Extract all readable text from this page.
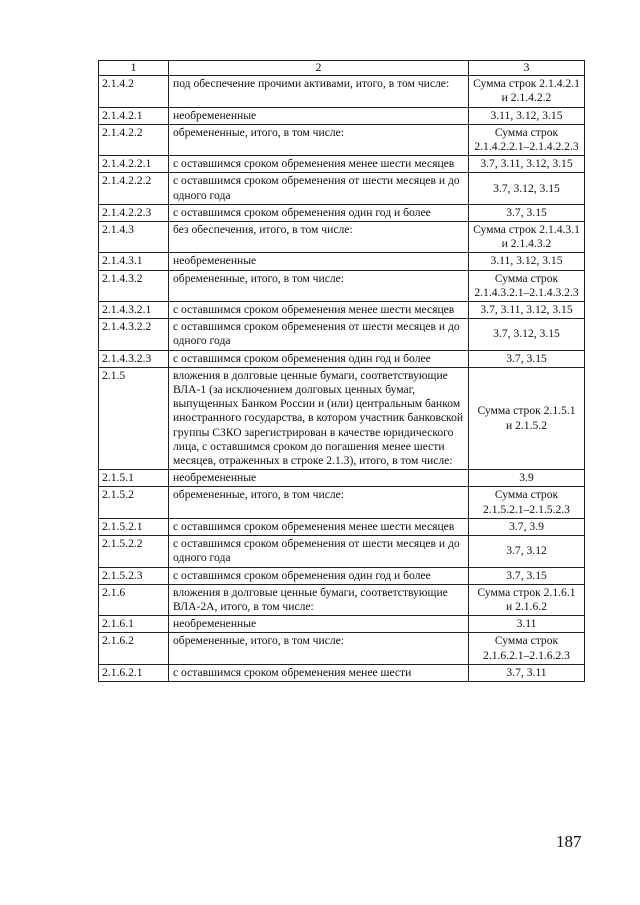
1	2	3
2.1.4.2	под обеспечение прочими активами, итого, в том числе:	Сумма строк 2.1.4.2.1 и 2.1.4.2.2
2.1.4.2.1	необремененные	3.11, 3.12, 3.15
2.1.4.2.2	обремененные, итого, в том числе:	Сумма строк 2.1.4.2.2.1–2.1.4.2.2.3
2.1.4.2.2.1	с оставшимся сроком обременения менее шести месяцев	3.7, 3.11, 3.12, 3.15
2.1.4.2.2.2	с оставшимся сроком обременения от шести месяцев и до одного года	3.7, 3.12, 3.15
2.1.4.2.2.3	с оставшимся сроком обременения один год и более	3.7, 3.15
2.1.4.3	без обеспечения, итого, в том числе:	Сумма строк 2.1.4.3.1 и 2.1.4.3.2
2.1.4.3.1	необремененные	3.11, 3.12, 3.15
2.1.4.3.2	обремененные, итого, в том числе:	Сумма строк 2.1.4.3.2.1–2.1.4.3.2.3
2.1.4.3.2.1	с оставшимся сроком обременения менее шести месяцев	3.7, 3.11, 3.12, 3.15
2.1.4.3.2.2	с оставшимся сроком обременения от шести месяцев и до одного года	3.7, 3.12, 3.15
2.1.4.3.2.3	с оставшимся сроком обременения один год и более	3.7, 3.15
2.1.5	вложения в долговые ценные бумаги, соответствующие ВЛА-1 (за исключением долговых ценных бумаг, выпущенных Банком России и (или) центральным банком иностранного государства, в котором участник банковской группы СЗКО зарегистрирован в качестве юридического лица, с оставшимся сроком до погашения менее шести месяцев, отраженных в строке 2.1.3), итого, в том числе:	Сумма строк 2.1.5.1 и 2.1.5.2
2.1.5.1	необремененные	3.9
2.1.5.2	обремененные, итого, в том числе:	Сумма строк 2.1.5.2.1–2.1.5.2.3
2.1.5.2.1	с оставшимся сроком обременения менее шести месяцев	3.7, 3.9
2.1.5.2.2	с оставшимся сроком обременения от шести месяцев и до одного года	3.7, 3.12
2.1.5.2.3	с оставшимся сроком обременения один год и более	3.7, 3.15
2.1.6	вложения в долговые ценные бумаги, соответствующие ВЛА-2А, итого, в том числе:	Сумма строк 2.1.6.1 и 2.1.6.2
2.1.6.1	необремененные	3.11
2.1.6.2	обремененные, итого, в том числе:	Сумма строк 2.1.6.2.1–2.1.6.2.3
2.1.6.2.1	с оставшимся сроком обременения менее шести	3.7, 3.11
187
